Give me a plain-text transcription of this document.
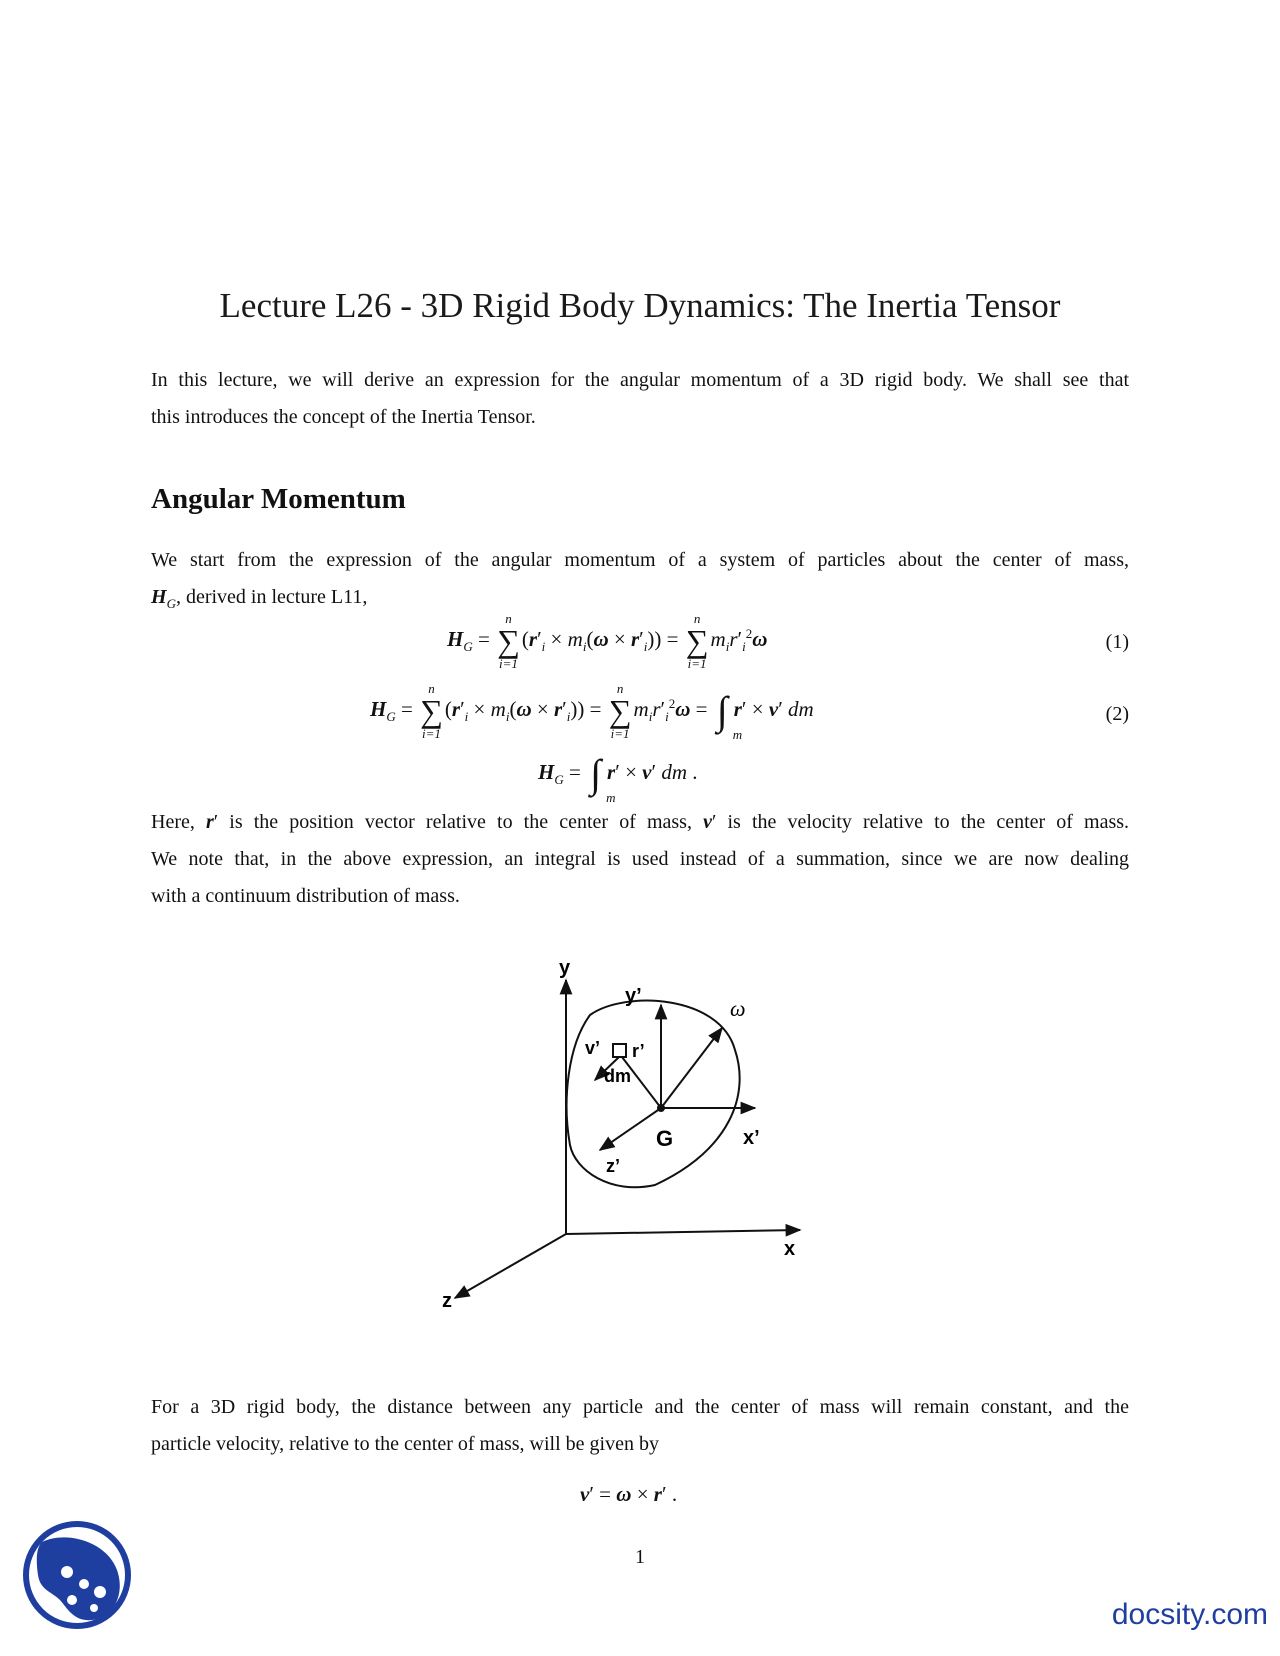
Lecture L26 - 3D Rigid Body Dynamics: The Inertia Tensor
In this lecture, we will derive an expression for the angular momentum of a 3D rigid body. We shall see that
this introduces the concept of the Inertia Tensor.
Angular Momentum
We start from the expression of the angular momentum of a system of particles about the center of mass,
$H_G$, derived in lecture L11,
$H_G$ =
n
∑
i=1
$(r'_i \times m_i(\omega \times r'_i))$ =
n
∑
i=1
$m_ir'_i^2\omega$	(1)
$H_G$ =
n
∑
i=1
$(r'_i \times m_i(\omega \times r'_i))$ =
n
∑
i=1
$m_ir'_i^2\omega$ = ∫
m
r′ × v′ dm	(2)
$H_G$ = ∫
m
r′ × v′ dm .
Here, r′ is the position vector relative to the center of mass, v′ is the velocity relative to the center of mass.
We note that, in the above expression, an integral is used instead of a summation, since we are now dealing
with a continuum distribution of mass.
y
x
z
y’
x’
z’
ω
v’ r’
dm
G
For a 3D rigid body, the distance between any particle and the center of mass will remain constant, and the
particle velocity, relative to the center of mass, will be given by
v′ = ω × r′ .
1
docsity.com
